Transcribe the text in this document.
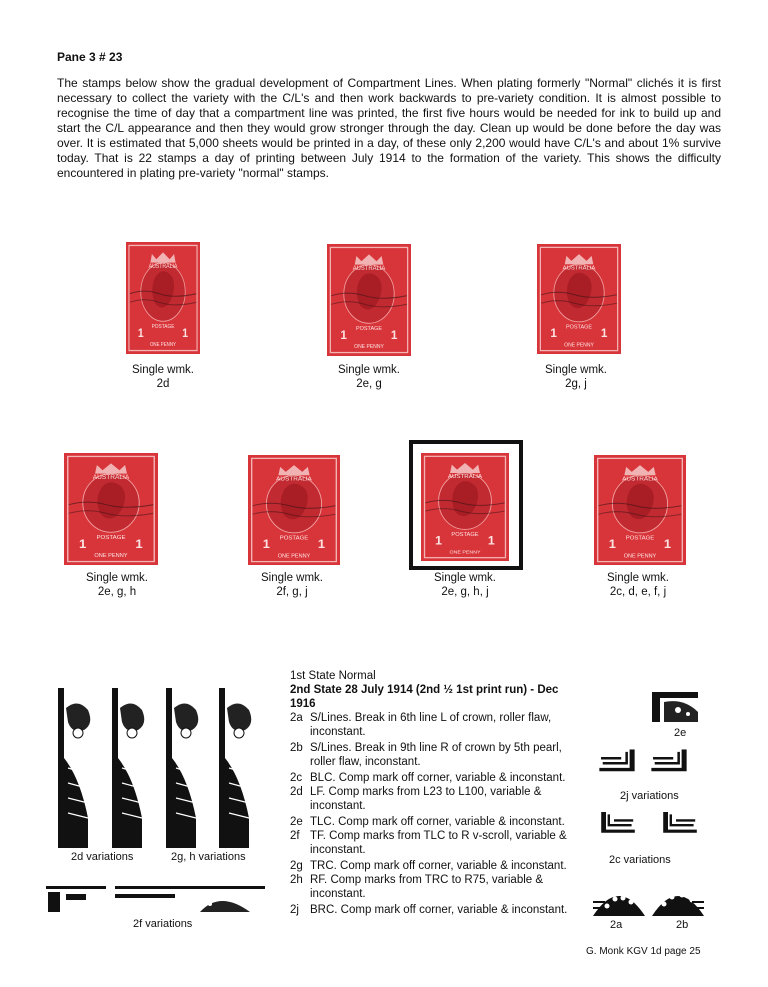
Pane 3 # 23
The stamps below show the gradual development of Compartment Lines. When plating formerly "Normal" clichés it is first necessary to collect the variety with the C/L's and then work backwards to pre-variety condition. It is almost possible to recognise the time of day that a compartment line was printed, the first five hours would be needed for ink to build up and start the C/L appearance and then they would grow stronger through the day. Clean up would be done before the day was over. It is estimated that 5,000 sheets would be printed in a day, of these only 2,200 would have C/L's and about 1% survive today. That is 22 stamps a day of printing between July 1914 to the formation of the variety. This shows the difficulty encountered in plating pre-variety "normal" stamps.
Single wmk.
2d
Single wmk.
2e, g
Single wmk.
2g, j
Single wmk.
2e, g, h
Single wmk.
2f, g, j
Single wmk.
2e, g, h, j
Single wmk.
2c, d, e, f, j
2d variations	2g, h variations
2f variations
1st State Normal
2nd State 28 July 1914 (2nd ½ 1st print run) - Dec 1916
2a S/Lines. Break in 6th line L of crown, roller flaw, inconstant.
2b S/Lines. Break in 9th line R of crown by 5th pearl, roller flaw, inconstant.
2c BLC. Comp mark off corner, variable & inconstant.
2d LF. Comp marks from L23 to L100, variable & inconstant.
2e TLC. Comp mark off corner, variable & inconstant.
2f TF. Comp marks from TLC to R v-scroll, variable & inconstant.
2g TRC. Comp mark off corner, variable & inconstant.
2h RF. Comp marks from TRC to R75, variable & inconstant.
2j BRC. Comp mark off corner, variable & inconstant.
2e
2j variations
2c variations
2a	2b
G. Monk KGV 1d page 25
